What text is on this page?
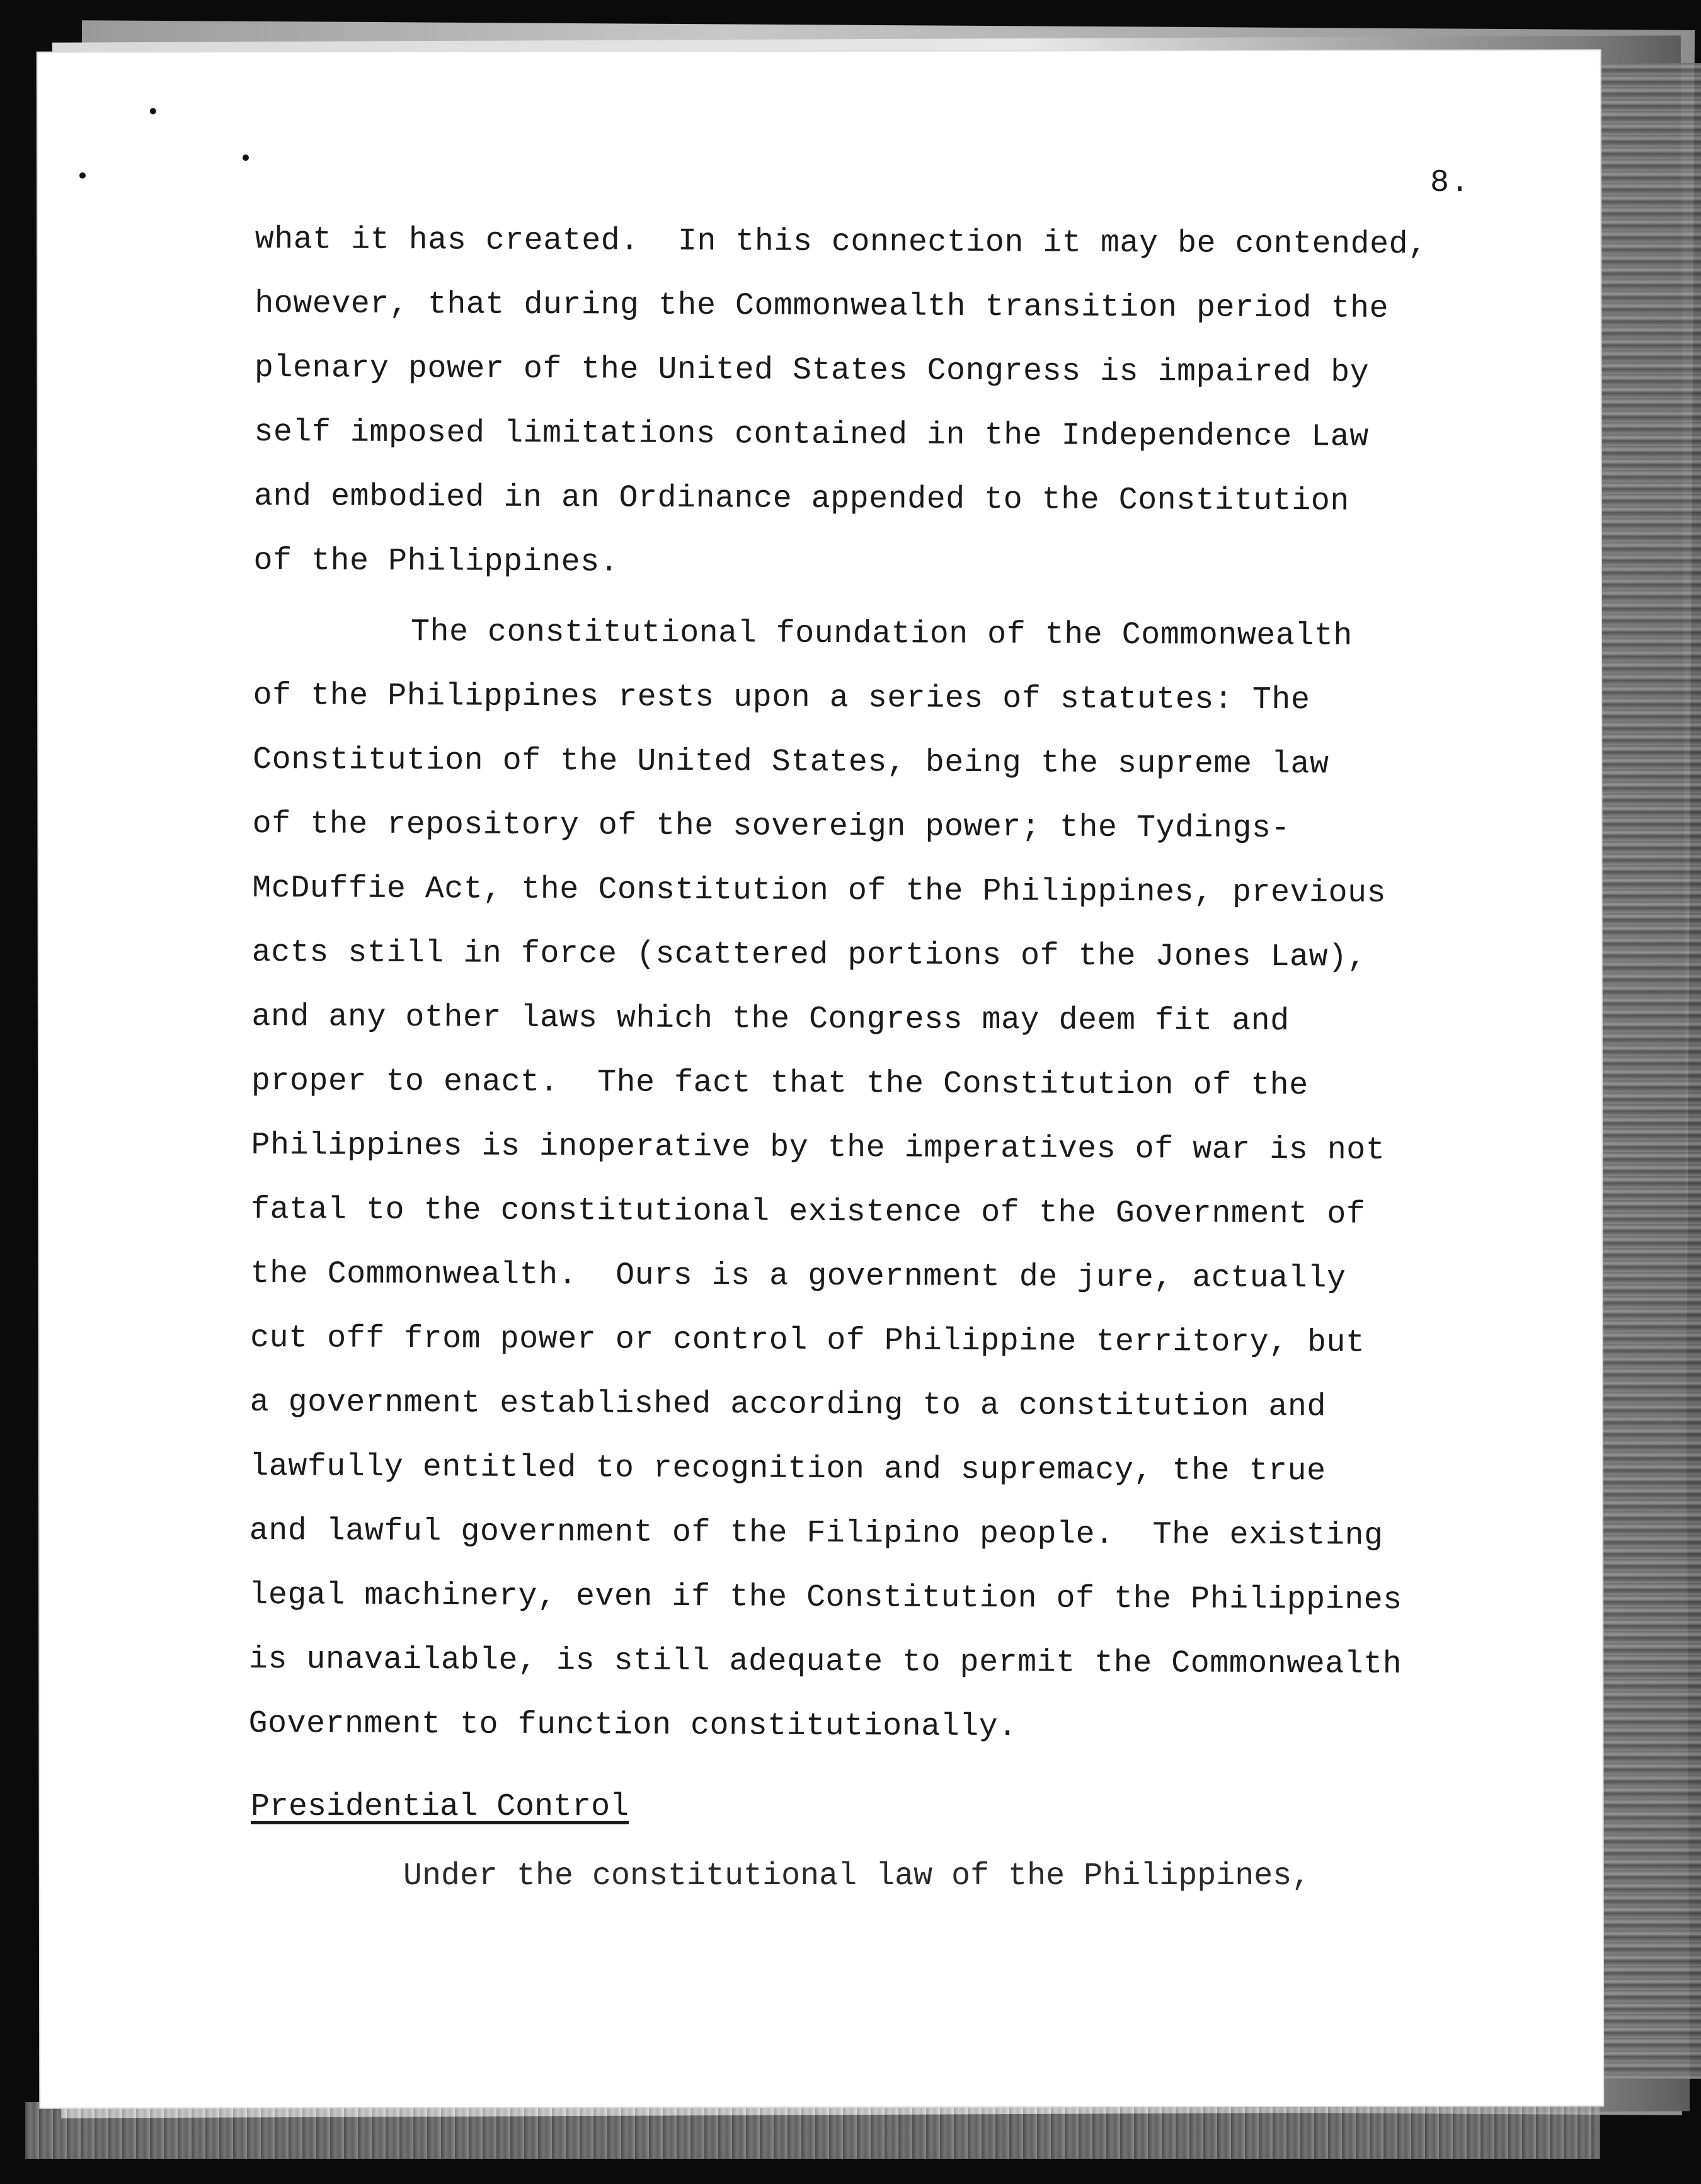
8.
what it has created.  In this connection it may be contended,
however, that during the Commonwealth transition period the
plenary power of the United States Congress is impaired by
self imposed limitations contained in the Independence Law
and embodied in an Ordinance appended to the Constitution
of the Philippines.
The constitutional foundation of the Commonwealth
of the Philippines rests upon a series of statutes: The
Constitution of the United States, being the supreme law
of the repository of the sovereign power; the Tydings-
McDuffie Act, the Constitution of the Philippines, previous
acts still in force (scattered portions of the Jones Law),
and any other laws which the Congress may deem fit and
proper to enact.  The fact that the Constitution of the
Philippines is inoperative by the imperatives of war is not
fatal to the constitutional existence of the Government of
the Commonwealth.  Ours is a government de jure, actually
cut off from power or control of Philippine territory, but
a government established according to a constitution and
lawfully entitled to recognition and supremacy, the true
and lawful government of the Filipino people.  The existing
legal machinery, even if the Constitution of the Philippines
is unavailable, is still adequate to permit the Commonwealth
Government to function constitutionally.
Presidential Control
Under the constitutional law of the Philippines,
